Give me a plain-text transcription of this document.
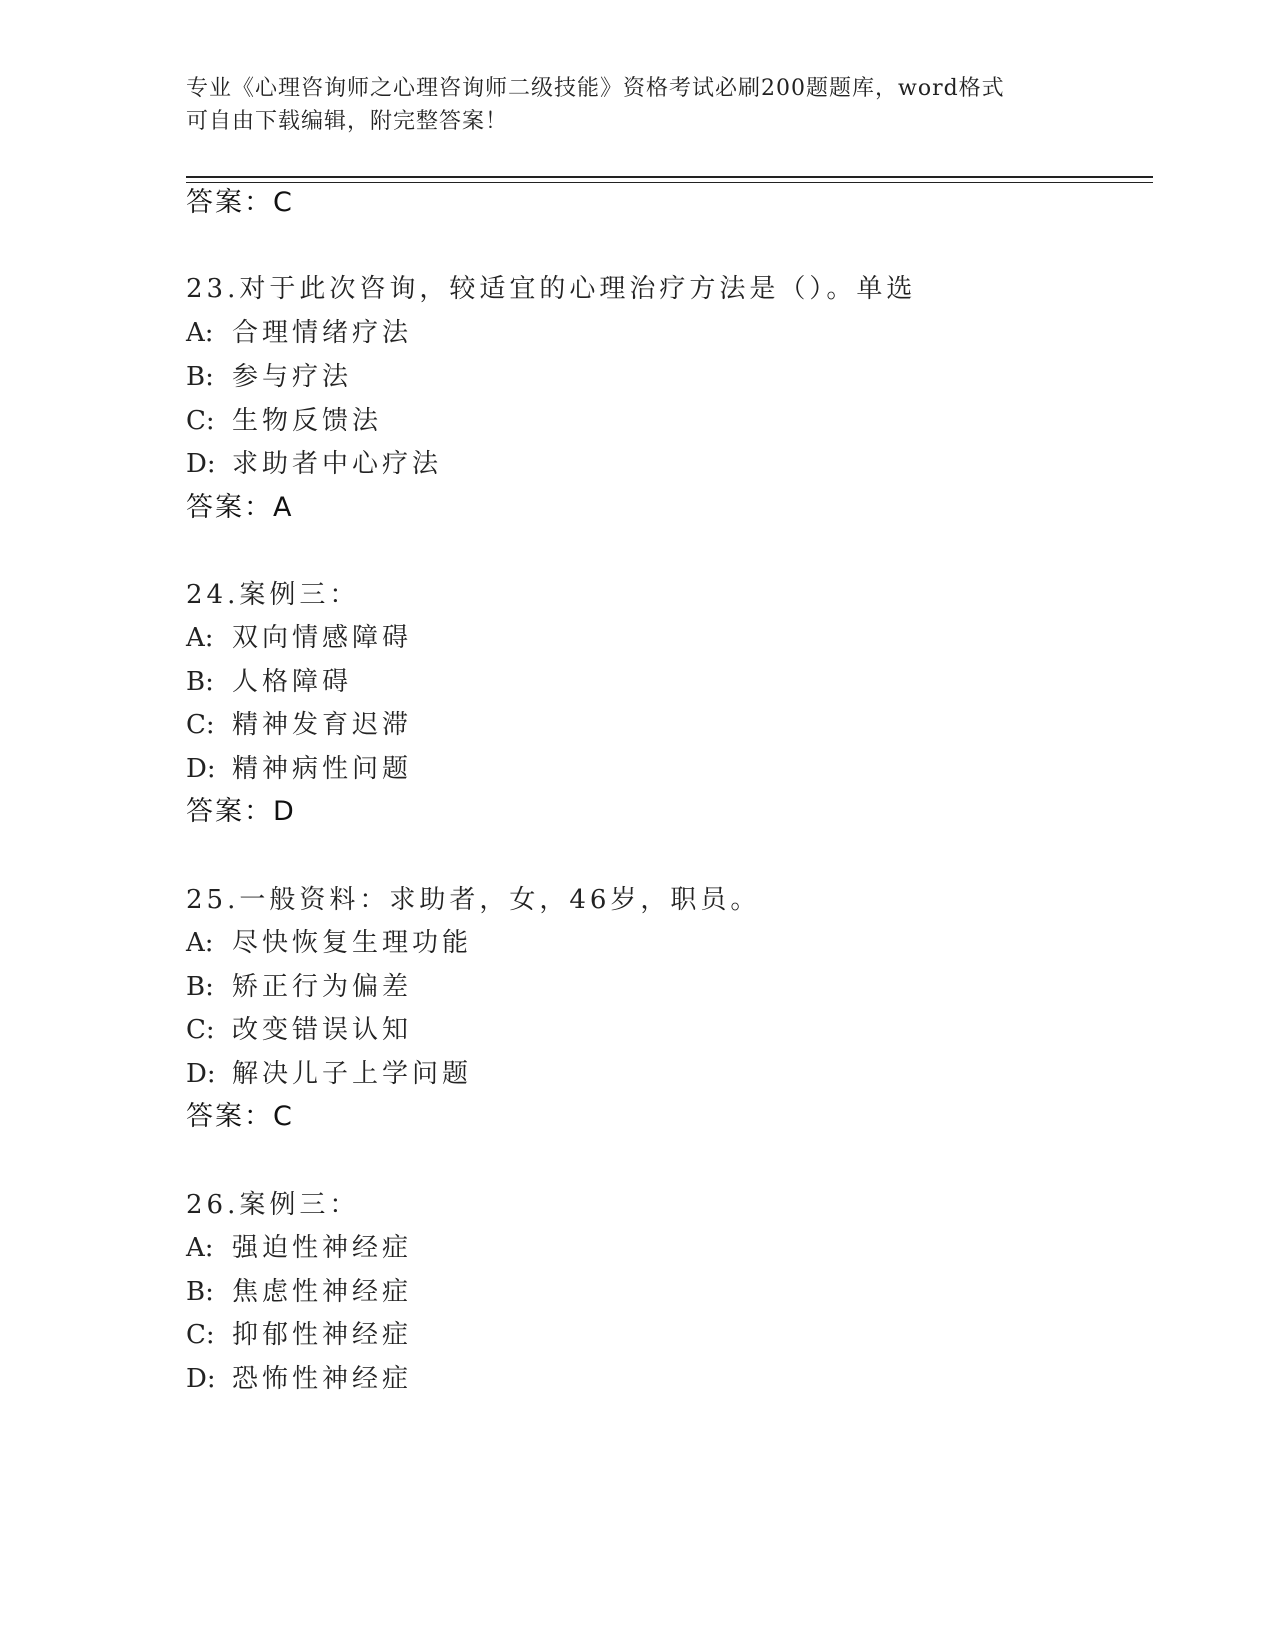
专业《心理咨询师之心理咨询师二级技能》资格考试必刷200题题库，word格式
可自由下载编辑，附完整答案！
答案：C
23.对于此次咨询，较适宜的心理治疗方法是（）。单选
A: 合理情绪疗法
B: 参与疗法
C: 生物反馈法
D: 求助者中心疗法
答案：A
24.案例三：
A: 双向情感障碍
B: 人格障碍
C: 精神发育迟滞
D: 精神病性问题
答案：D
25.一般资料：求助者，女，46岁，职员。
A: 尽快恢复生理功能
B: 矫正行为偏差
C: 改变错误认知
D: 解决儿子上学问题
答案：C
26.案例三：
A: 强迫性神经症
B: 焦虑性神经症
C: 抑郁性神经症
D: 恐怖性神经症
